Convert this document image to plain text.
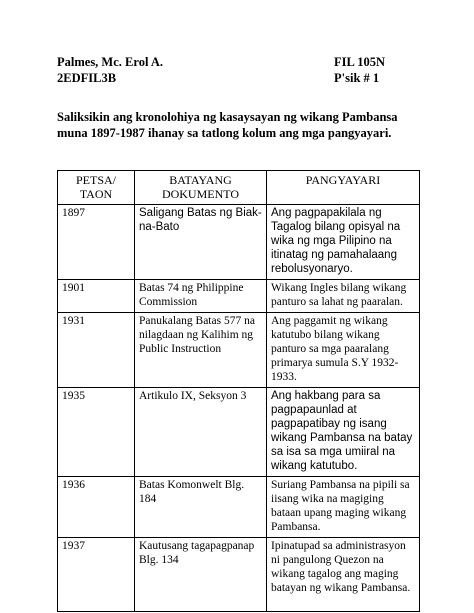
Palmes, Mc. Erol A.
2EDFIL3B
FIL 105N
P'sik # 1
Saliksikin ang kronolohiya ng kasaysayan ng wikang Pambansa muna 1897-1987 ihanay sa tatlong kolum ang mga pangyayari.
PETSA/ TAON	BATAYANG DOKUMENTO	PANGYAYARI
1897	Saligang Batas ng Biak-na-Bato	Ang pagpapakilala ng Tagalog bilang opisyal na wika ng mga Pilipino na itinatag ng pamahalaang rebolusyonaryo.
1901	Batas 74 ng Philippine Commission	Wikang Ingles bilang wikang panturo sa lahat ng paaralan.
1931	Panukalang Batas 577 na nilagdaan ng Kalihim ng Public Instruction	Ang paggamit ng wikang katutubo bilang wikang panturo sa mga paaralang primarya sumula S.Y 1932-1933.
1935	Artikulo IX, Seksyon 3	Ang hakbang para sa pagpapaunlad at pagpapatibay ng isang wikang Pambansa na batay sa isa sa mga umiiral na wikang katutubo.
1936	Batas Komonwelt Blg. 184	Suriang Pambansa na pipili sa iisang wika na magiging bataan upang maging wikang Pambansa.
1937	Kautusang tagapagpanap Blg. 134	Ipinatupad sa administrasyon ni pangulong Quezon na wikang tagalog ang maging batayan ng wikang Pambansa.
